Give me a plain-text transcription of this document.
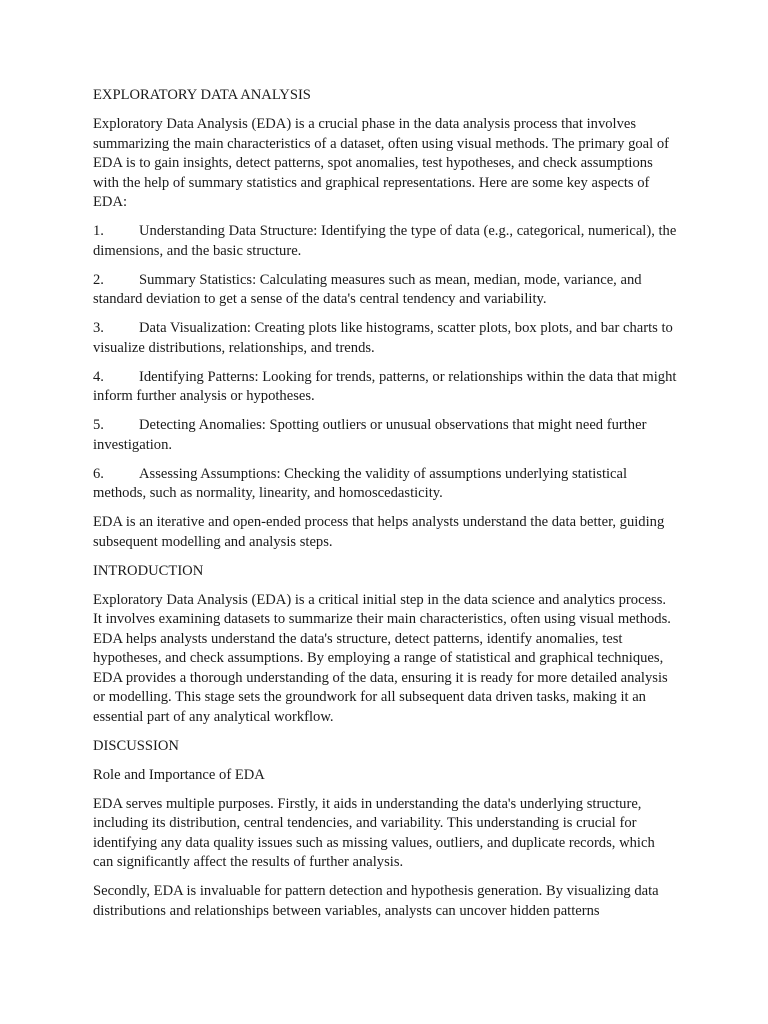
EXPLORATORY DATA ANALYSIS

Exploratory Data Analysis (EDA) is a crucial phase in the data analysis process that involves summarizing the main characteristics of a dataset, often using visual methods. The primary goal of EDA is to gain insights, detect patterns, spot anomalies, test hypotheses, and check assumptions with the help of summary statistics and graphical representations. Here are some key aspects of EDA:

1. Understanding Data Structure: Identifying the type of data (e.g., categorical, numerical), the dimensions, and the basic structure.
2. Summary Statistics: Calculating measures such as mean, median, mode, variance, and standard deviation to get a sense of the data's central tendency and variability.
3. Data Visualization: Creating plots like histograms, scatter plots, box plots, and bar charts to visualize distributions, relationships, and trends.
4. Identifying Patterns: Looking for trends, patterns, or relationships within the data that might inform further analysis or hypotheses.
5. Detecting Anomalies: Spotting outliers or unusual observations that might need further investigation.
6. Assessing Assumptions: Checking the validity of assumptions underlying statistical methods, such as normality, linearity, and homoscedasticity.

EDA is an iterative and open-ended process that helps analysts understand the data better, guiding subsequent modelling and analysis steps.

INTRODUCTION

Exploratory Data Analysis (EDA) is a critical initial step in the data science and analytics process. It involves examining datasets to summarize their main characteristics, often using visual methods. EDA helps analysts understand the data's structure, detect patterns, identify anomalies, test hypotheses, and check assumptions. By employing a range of statistical and graphical techniques, EDA provides a thorough understanding of the data, ensuring it is ready for more detailed analysis or modelling. This stage sets the groundwork for all subsequent data driven tasks, making it an essential part of any analytical workflow.

DISCUSSION

Role and Importance of EDA

EDA serves multiple purposes. Firstly, it aids in understanding the data's underlying structure, including its distribution, central tendencies, and variability. This understanding is crucial for identifying any data quality issues such as missing values, outliers, and duplicate records, which can significantly affect the results of further analysis.

Secondly, EDA is invaluable for pattern detection and hypothesis generation. By visualizing data distributions and relationships between variables, analysts can uncover hidden patterns
